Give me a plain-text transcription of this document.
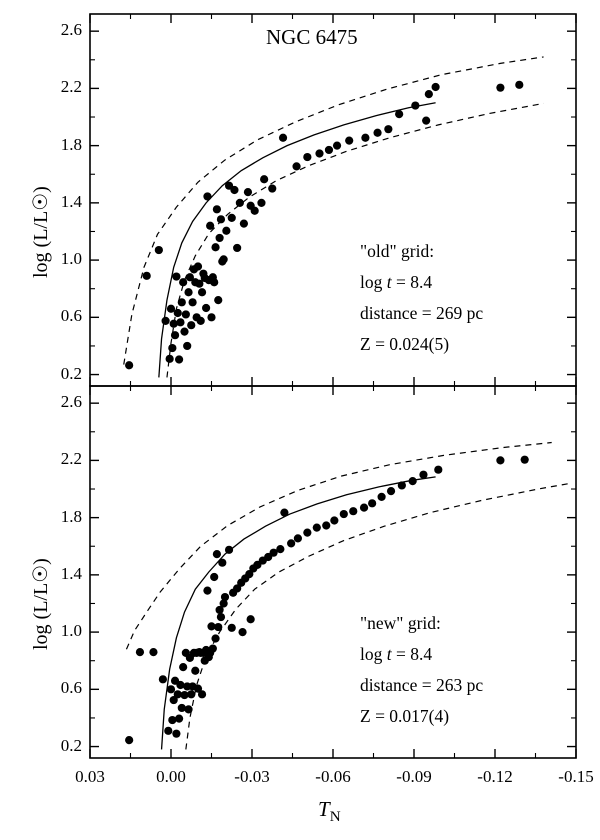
0.2
0.6
1.0
1.4
1.8
2.2
2.6
0.2
0.6
1.0
1.4
1.8
2.2
2.6
0.03	0.00	-0.03	-0.06	-0.09	-0.12	-0.15
log (L/L☉)
log (L/L☉)
$T_N$
NGC 6475
"old" grid:
log t = 8.4
distance = 269 pc
Z = 0.024(5)
"new" grid:
log t = 8.4
distance = 263 pc
Z = 0.017(4)
